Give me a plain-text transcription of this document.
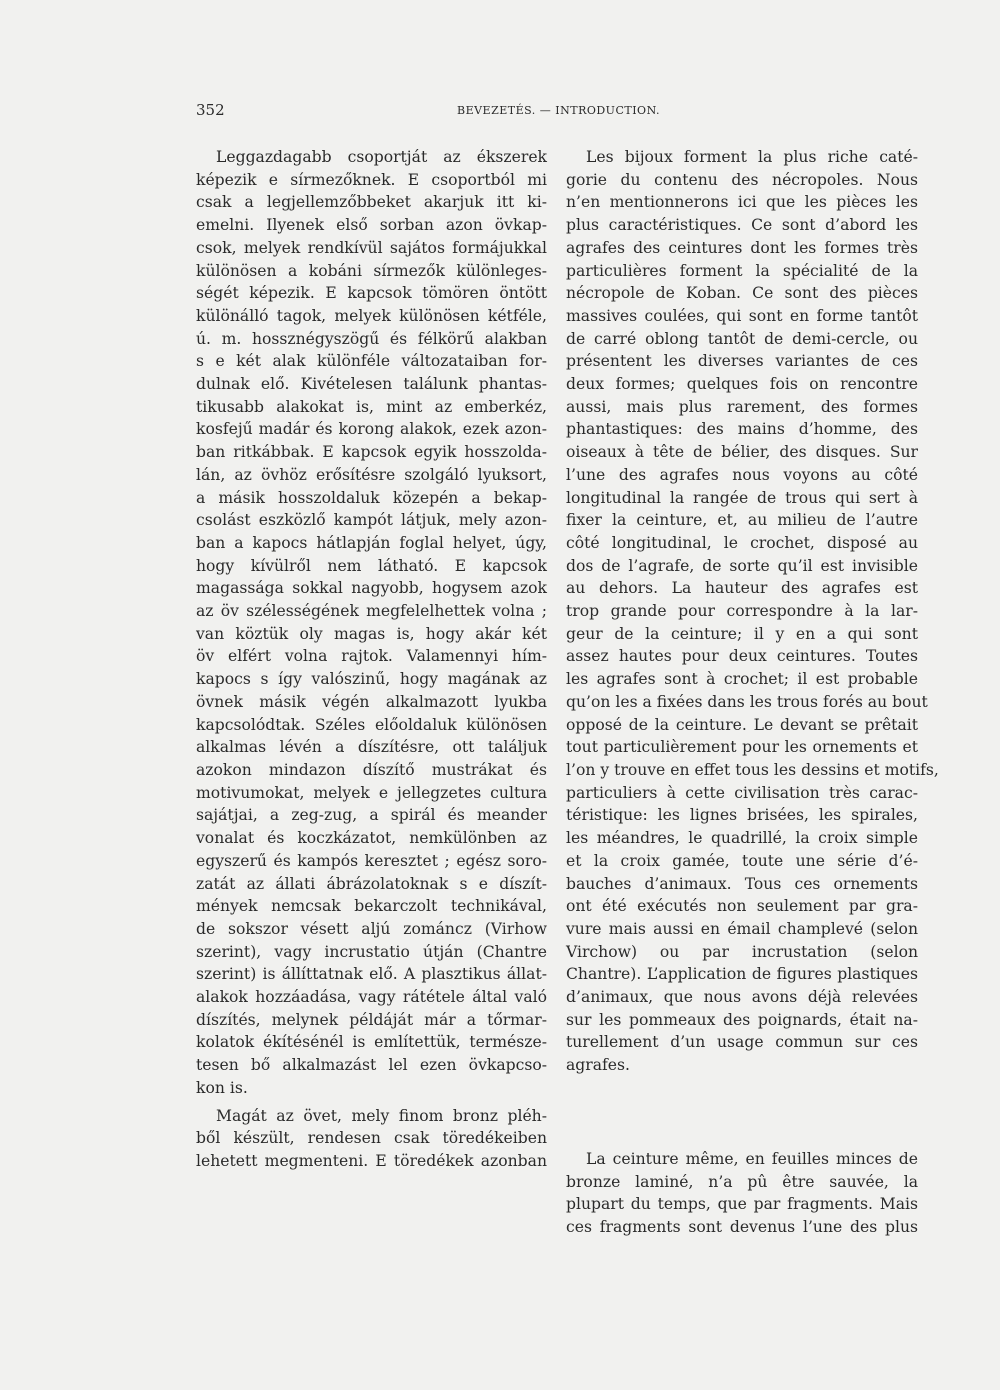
352	BEVEZETÉS. — INTRODUCTION.
Leggazdagabb csoportját az ékszerek
képezik e sírmezőknek. E csoportból mi
csak a legjellemzőbbeket akarjuk itt ki-
emelni. Ilyenek első sorban azon övkap-
csok, melyek rendkívül sajátos formájukkal
különösen a kobáni sírmezők különleges-
ségét képezik. E kapcsok tömören öntött
különálló tagok, melyek különösen kétféle,
ú. m. hossznégyszögű és félkörű alakban
s e két alak különféle változataiban for-
dulnak elő. Kivételesen találunk phantas-
tikusabb alakokat is, mint az emberkéz,
kosfejű madár és korong alakok, ezek azon-
ban ritkábbak. E kapcsok egyik hosszolda-
lán, az övhöz erősítésre szolgáló lyuksort,
a másik hosszoldaluk közepén a bekap-
csolást eszközlő kampót látjuk, mely azon-
ban a kapocs hátlapján foglal helyet, úgy,
hogy kívülről nem látható. E kapcsok
magassága sokkal nagyobb, hogysem azok
az öv szélességének megfelelhettek volna ;
van köztük oly magas is, hogy akár két
öv elfért volna rajtok. Valamennyi hím-
kapocs s így valószinű, hogy magának az
övnek másik végén alkalmazott lyukba
kapcsolódtak. Széles előoldaluk különösen
alkalmas lévén a díszítésre, ott találjuk
azokon mindazon díszítő mustrákat és
motivumokat, melyek e jellegzetes cultura
sajátjai, a zeg-zug, a spirál és meander
vonalat és koczkázatot, nemkülönben az
egyszerű és kampós keresztet ; egész soro-
zatát az állati ábrázolatoknak s e díszít-
mények nemcsak bekarczolt technikával,
de sokszor vésett aljú zománcz (Virhow
szerint), vagy incrustatio útján (Chantre
szerint) is állíttatnak elő. A plasztikus állat-
alakok hozzáadása, vagy rátétele által való
díszítés, melynek példáját már a tőrmar-
kolatok ékítésénél is említettük, természe-
tesen bő alkalmazást lel ezen övkapcso-
kon is.
Magát az övet, mely finom bronz pléh-
ből készült, rendesen csak töredékeiben
lehetett megmenteni. E töredékek azonban
Les bijoux forment la plus riche caté-
gorie du contenu des nécropoles. Nous
n’en mentionnerons ici que les pièces les
plus caractéristiques. Ce sont d’abord les
agrafes des ceintures dont les formes très
particulières forment la spécialité de la
nécropole de Koban. Ce sont des pièces
massives coulées, qui sont en forme tantôt
de carré oblong tantôt de demi-cercle, ou
présentent les diverses variantes de ces
deux formes; quelques fois on rencontre
aussi, mais plus rarement, des formes
phantastiques: des mains d’homme, des
oiseaux à tête de bélier, des disques. Sur
l’une des agrafes nous voyons au côté
longitudinal la rangée de trous qui sert à
fixer la ceinture, et, au milieu de l’autre
côté longitudinal, le crochet, disposé au
dos de l’agrafe, de sorte qu’il est invisible
au dehors. La hauteur des agrafes est
trop grande pour correspondre à la lar-
geur de la ceinture; il y en a qui sont
assez hautes pour deux ceintures. Toutes
les agrafes sont à crochet; il est probable
qu’on les a fixées dans les trous forés au bout
opposé de la ceinture. Le devant se prêtait
tout particulièrement pour les ornements et
l’on y trouve en effet tous les dessins et motifs,
particuliers à cette civilisation très carac-
téristique: les lignes brisées, les spirales,
les méandres, le quadrillé, la croix simple
et la croix gamée, toute une série d’é-
bauches d’animaux. Tous ces ornements
ont été exécutés non seulement par gra-
vure mais aussi en émail champlevé (selon
Virchow) ou par incrustation (selon
Chantre). L’application de figures plastiques
d’animaux, que nous avons déjà relevées
sur les pommeaux des poignards, était na-
turellement d’un usage commun sur ces
agrafes.
La ceinture même, en feuilles minces de
bronze laminé, n’a pû être sauvée, la
plupart du temps, que par fragments. Mais
ces fragments sont devenus l’une des plus
